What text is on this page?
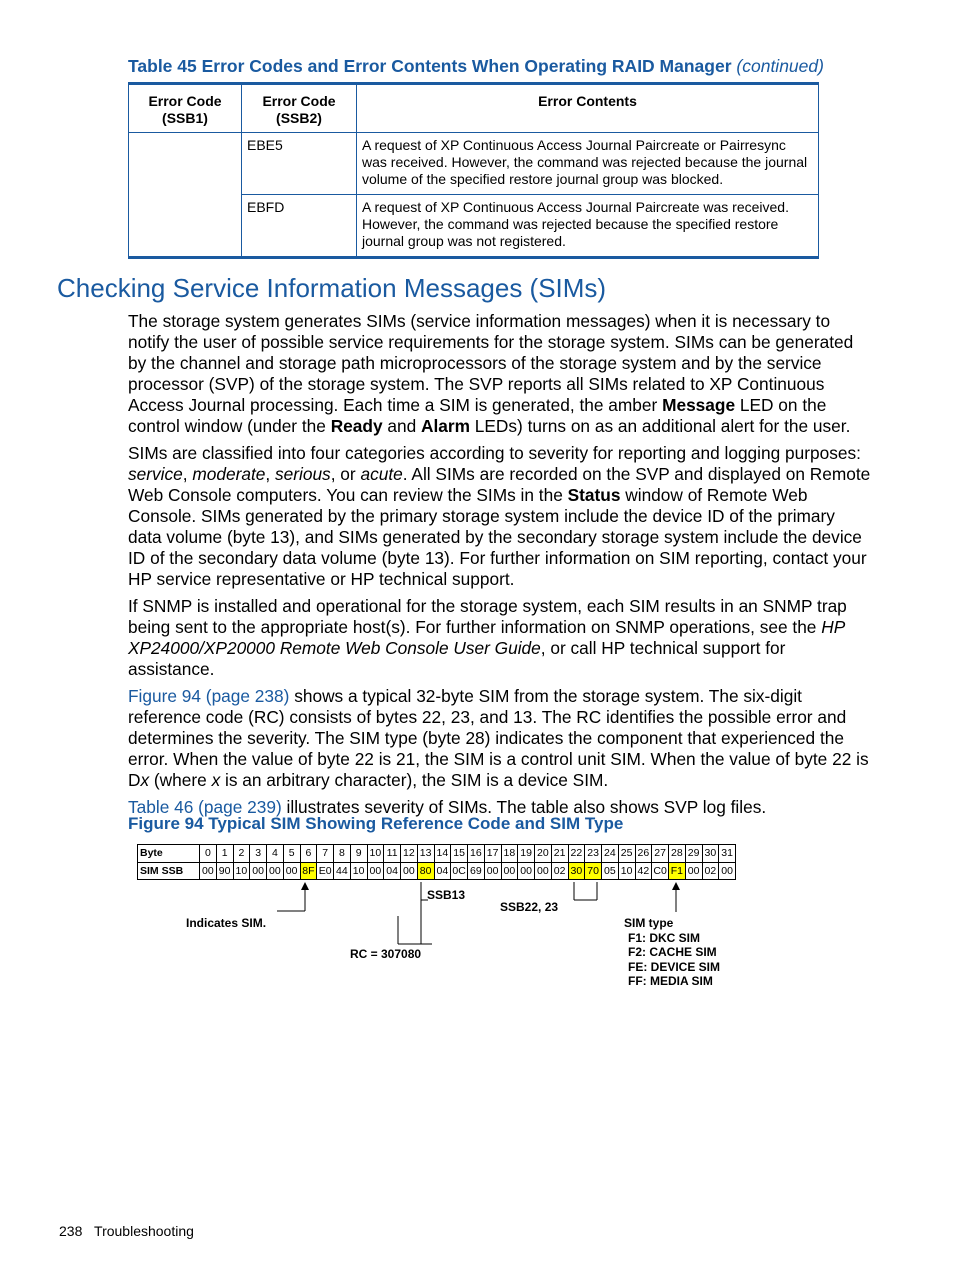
Table 45 Error Codes and Error Contents When Operating RAID Manager (continued)
Error Code (SSB1)	Error Code (SSB2)	Error Contents
	EBE5	A request of XP Continuous Access Journal Paircreate or Pairresync was received. However, the command was rejected because the journal volume of the specified restore journal group was blocked.
	EBFD	A request of XP Continuous Access Journal Paircreate was received. However, the command was rejected because the specified restore journal group was not registered.
Checking Service Information Messages (SIMs)

The storage system generates SIMs (service information messages) when it is necessary to notify the user of possible service requirements for the storage system. SIMs can be generated by the channel and storage path microprocessors of the storage system and by the service processor (SVP) of the storage system. The SVP reports all SIMs related to XP Continuous Access Journal processing. Each time a SIM is generated, the amber Message LED on the control window (under the Ready and Alarm LEDs) turns on as an additional alert for the user.

SIMs are classified into four categories according to severity for reporting and logging purposes: service, moderate, serious, or acute. All SIMs are recorded on the SVP and displayed on Remote Web Console computers. You can review the SIMs in the Status window of Remote Web Console. SIMs generated by the primary storage system include the device ID of the primary data volume (byte 13), and SIMs generated by the secondary storage system include the device ID of the secondary data volume (byte 13). For further information on SIM reporting, contact your HP service representative or HP technical support.

If SNMP is installed and operational for the storage system, each SIM results in an SNMP trap being sent to the appropriate host(s). For further information on SNMP operations, see the HP XP24000/XP20000 Remote Web Console User Guide, or call HP technical support for assistance.

Figure 94 (page 238) shows a typical 32-byte SIM from the storage system. The six-digit reference code (RC) consists of bytes 22, 23, and 13. The RC identifies the possible error and determines the severity. The SIM type (byte 28) indicates the component that experienced the error. When the value of byte 22 is 21, the SIM is a control unit SIM. When the value of byte 22 is Dx (where x is an arbitrary character), the SIM is a device SIM.

Table 46 (page 239) illustrates severity of SIMs. The table also shows SVP log files.

Figure 94 Typical SIM Showing Reference Code and SIM Type
Byte	0	1	2	3	4	5	6	7	8	9	10	11	12	13	14	15	16	17	18	19	20	21	22	23	24	25	26	27	28	29	30	31
SIM SSB	00	90	10	00	00	00	8F	E0	44	10	00	04	00	80	04	0C	69	00	00	00	00	02	30	70	05	10	42	C0	F1	00	02	00
Indicates SIM.
SSB13
SSB22, 23
RC = 307080
SIM type
F1: DKC SIM
F2: CACHE SIM
FE: DEVICE SIM
FF: MEDIA SIM
238 Troubleshooting
